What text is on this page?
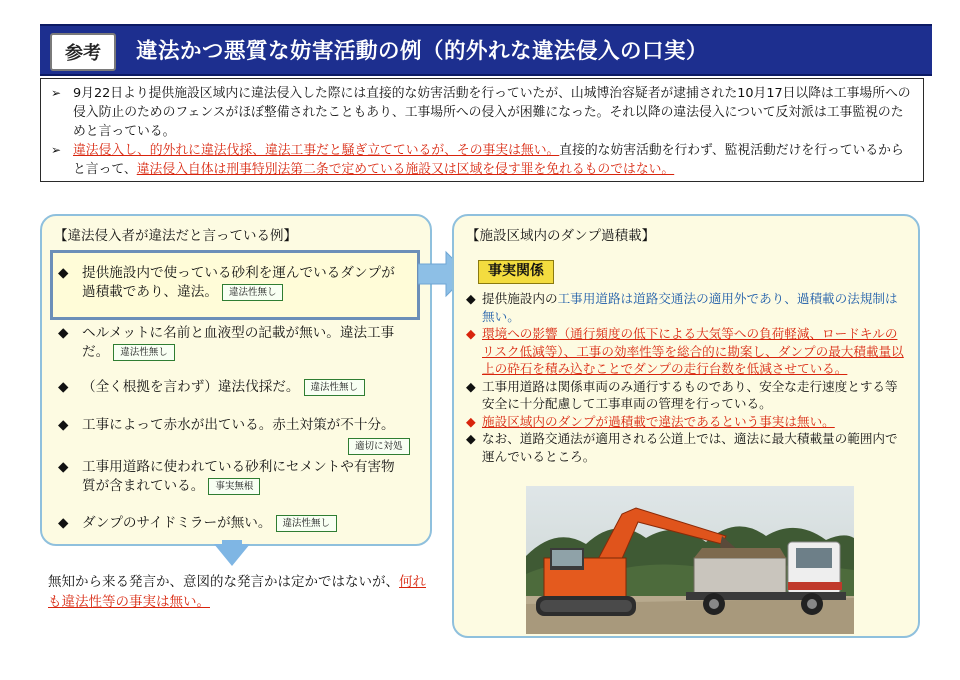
参考	違法かつ悪質な妨害活動の例（的外れな違法侵入の口実）
➢ 9月22日より提供施設区域内に違法侵入した際には直接的な妨害活動を行っていたが、山城博治容疑者が逮捕された10月17日以降は工事場所への侵入防止のためのフェンスがほぼ整備されたこともあり、工事場所への侵入が困難になった。それ以降の違法侵入について反対派は工事監視のためと言っている。
➢ 違法侵入し、的外れに違法伐採、違法工事だと騒ぎ立てているが、その事実は無い。直接的な妨害活動を行わず、監視活動だけを行っているからと言って、違法侵入自体は刑事特別法第二条で定めている施設又は区域を侵す罪を免れるものではない。
【違法侵入者が違法だと言っている例】
◆ 提供施設内で使っている砂利を運んでいるダンプが過積載であり、違法。 違法性無し
◆ ヘルメットに名前と血液型の記載が無い。違法工事だ。 違法性無し
◆ （全く根拠を言わず）違法伐採だ。 違法性無し
◆ 工事によって赤水が出ている。赤土対策が不十分。
適切に対処
◆ 工事用道路に使われている砂利にセメントや有害物質が含まれている。 事実無根
◆ ダンプのサイドミラーが無い。 違法性無し
無知から来る発言か、意図的な発言かは定かではないが、何れも違法性等の事実は無い。
【施設区域内のダンプ過積載】
事実関係
◆ 提供施設内の工事用道路は道路交通法の適用外であり、過積載の法規制は無い。
◆ 環境への影響（通行頻度の低下による大気等への負荷軽減、ロードキルのリスク低減等）、工事の効率性等を総合的に勘案し、ダンプの最大積載量以上の砕石を積み込むことでダンプの走行台数を低減させている。
◆ 工事用道路は関係車両のみ通行するものであり、安全な走行速度とする等安全に十分配慮して工事車両の管理を行っている。
◆ 施設区域内のダンプが過積載で違法であるという事実は無い。
◆ なお、道路交通法が適用される公道上では、適法に最大積載量の範囲内で運んでいるところ。
